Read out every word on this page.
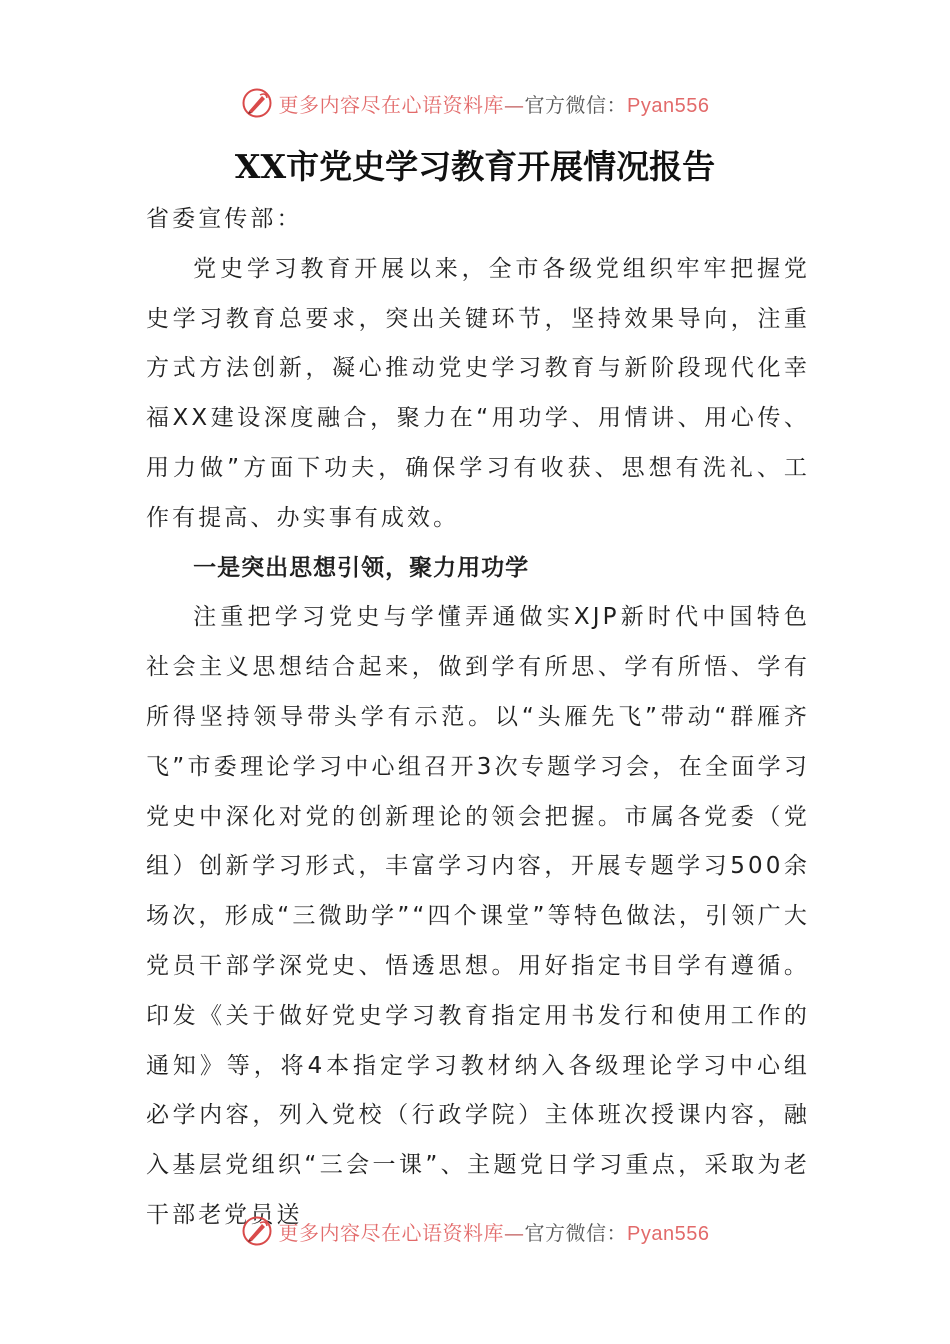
更多内容尽在心语资料库—官方微信：Pyan556
XX市党史学习教育开展情况报告

省委宣传部：

党史学习教育开展以来，全市各级党组织牢牢把握党史学习教育总要求，突出关键环节，坚持效果导向，注重方式方法创新，凝心推动党史学习教育与新阶段现代化幸福XX建设深度融合，聚力在“用功学、用情讲、用心传、用力做”方面下功夫，确保学习有收获、思想有洗礼、工作有提高、办实事有成效。

一是突出思想引领，聚力用功学

注重把学习党史与学懂弄通做实XJP新时代中国特色社会主义思想结合起来，做到学有所思、学有所悟、学有所得坚持领导带头学有示范。以“头雁先飞”带动“群雁齐飞”市委理论学习中心组召开3次专题学习会，在全面学习党史中深化对党的创新理论的领会把握。市属各党委（党组）创新学习形式，丰富学习内容，开展专题学习500余场次，形成“三微助学”“四个课堂”等特色做法，引领广大党员干部学深党史、悟透思想。用好指定书目学有遵循。印发《关于做好党史学习教育指定用书发行和使用工作的通知》等，将4本指定学习教材纳入各级理论学习中心组必学内容，列入党校（行政学院）主体班次授课内容，融入基层党组织“三会一课”、主题党日学习重点，采取为老干部老党员送

更多内容尽在心语资料库—官方微信：Pyan556
